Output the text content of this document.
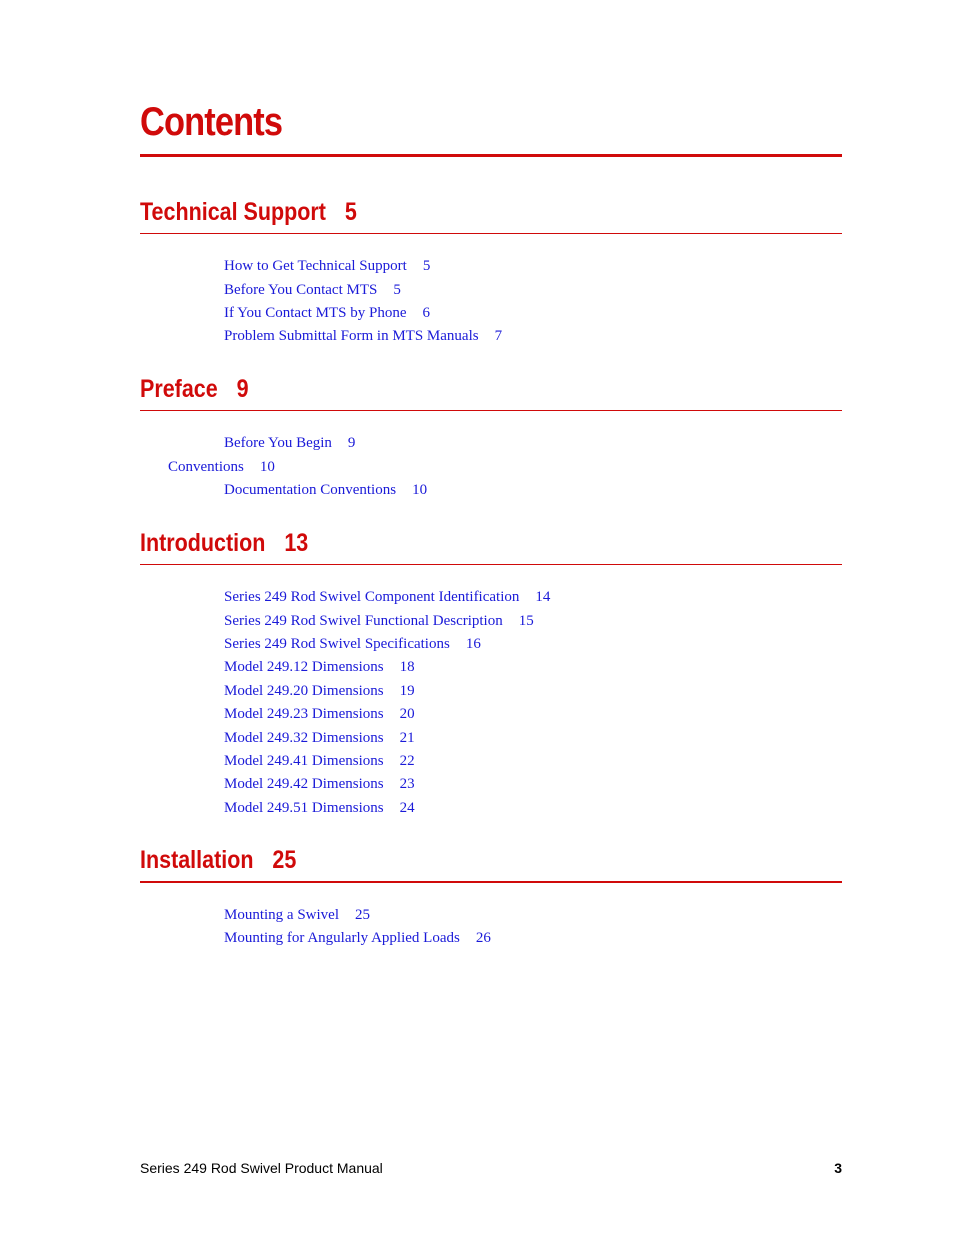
Contents
Technical Support 5
How to Get Technical Support 5
Before You Contact MTS 5
If You Contact MTS by Phone 6
Problem Submittal Form in MTS Manuals 7
Preface 9
Before You Begin 9
Conventions 10
Documentation Conventions 10
Introduction 13
Series 249 Rod Swivel Component Identification 14
Series 249 Rod Swivel Functional Description 15
Series 249 Rod Swivel Specifications 16
Model 249.12 Dimensions 18
Model 249.20 Dimensions 19
Model 249.23 Dimensions 20
Model 249.32 Dimensions 21
Model 249.41 Dimensions 22
Model 249.42 Dimensions 23
Model 249.51 Dimensions 24
Installation 25
Mounting a Swivel 25
Mounting for Angularly Applied Loads 26
Series 249 Rod Swivel Product Manual	3
